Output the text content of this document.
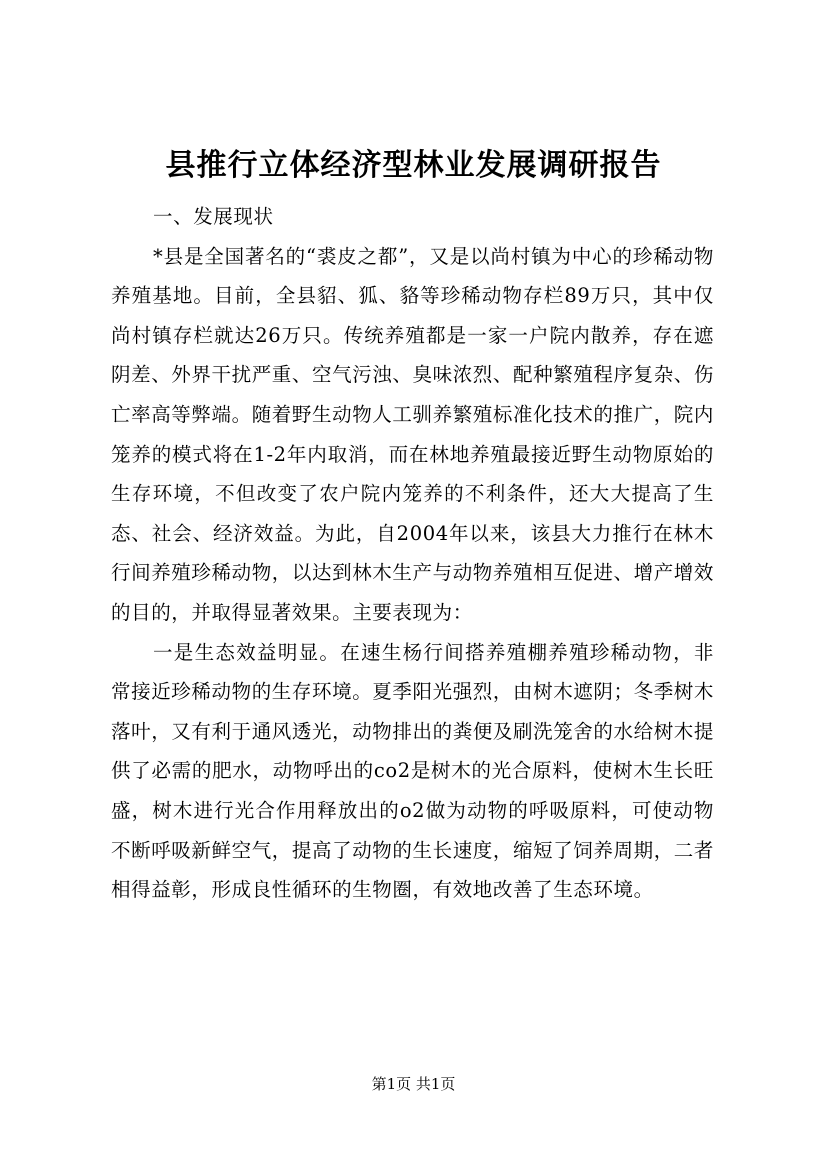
县推行立体经济型林业发展调研报告

一、发展现状

*县是全国著名的“裘皮之都”，又是以尚村镇为中心的珍稀动物养殖基地。目前，全县貂、狐、貉等珍稀动物存栏89万只，其中仅尚村镇存栏就达26万只。传统养殖都是一家一户院内散养，存在遮阴差、外界干扰严重、空气污浊、臭味浓烈、配种繁殖程序复杂、伤亡率高等弊端。随着野生动物人工驯养繁殖标准化技术的推广，院内笼养的模式将在1-2年内取消，而在林地养殖最接近野生动物原始的生存环境，不但改变了农户院内笼养的不利条件，还大大提高了生态、社会、经济效益。为此，自2004年以来，该县大力推行在林木行间养殖珍稀动物，以达到林木生产与动物养殖相互促进、增产增效的目的，并取得显著效果。主要表现为：

一是生态效益明显。在速生杨行间搭养殖棚养殖珍稀动物，非常接近珍稀动物的生存环境。夏季阳光强烈，由树木遮阴；冬季树木落叶，又有利于通风透光，动物排出的粪便及刷洗笼舍的水给树木提供了必需的肥水，动物呼出的co2是树木的光合原料，使树木生长旺盛，树木进行光合作用释放出的o2做为动物的呼吸原料，可使动物不断呼吸新鲜空气，提高了动物的生长速度，缩短了饲养周期，二者相得益彰，形成良性循环的生物圈，有效地改善了生态环境。

第1页 共1页
